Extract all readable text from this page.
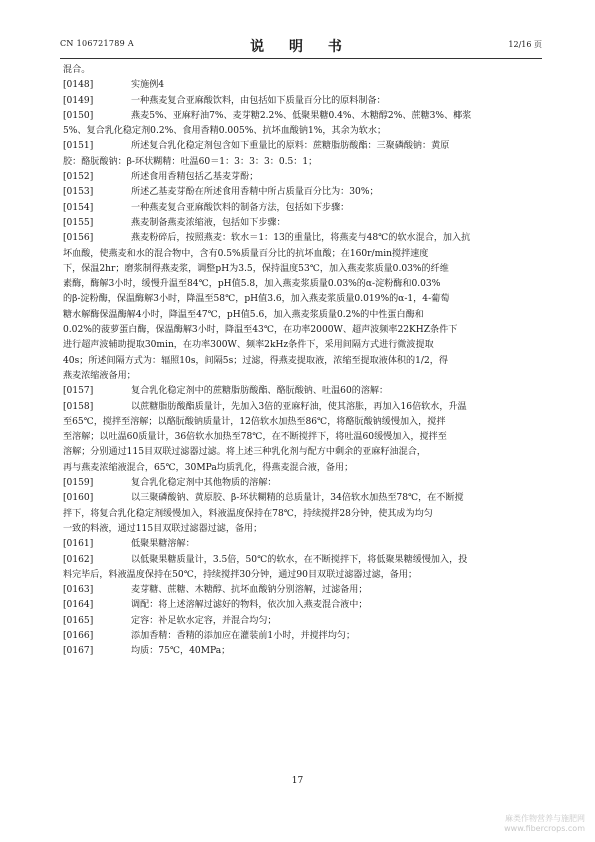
CN 106721789 A	说 明 书	12/16 页
混合。
[0148]	实施例4
[0149]	一种燕麦复合亚麻酸饮料，由包括如下质量百分比的原料制备：
[0150]	燕麦5%、亚麻籽油7%、麦芽糖2.2%、低聚果糖0.4%、木糖醇2%、蔗糖3%、椰浆
5%、复合乳化稳定剂0.2%、食用香精0.005%、抗坏血酸钠1%，其余为软水；
[0151]	所述复合乳化稳定剂包含如下重量比的原料：蔗糖脂肪酸酯：三聚磷酸钠：黄原
胶：酪朊酸钠：β-环状糊精：吐温60＝1：3：3：3：0.5：1；
[0152]	所述食用香精包括乙基麦芽酚；
[0153]	所述乙基麦芽酚在所述食用香精中所占质量百分比为：30%；
[0154]	一种燕麦复合亚麻酸饮料的制备方法，包括如下步骤：
[0155]	燕麦制备燕麦浓缩液，包括如下步骤：
[0156]	燕麦粉碎后，按照燕麦：软水＝1：13的重量比，将燕麦与48℃的软水混合，加入抗
坏血酸，使燕麦和水的混合物中，含有0.5%质量百分比的抗坏血酸；在160r/min搅拌速度
下，保温2hr；磨浆制得燕麦浆，调整pH为3.5，保持温度53℃，加入燕麦浆质量0.03%的纤维
素酶，酶解3小时，缓慢升温至84℃，pH值5.8，加入燕麦浆质量0.03%的α-淀粉酶和0.03%
的β-淀粉酶，保温酶解3小时，降温至58℃，pH值3.6，加入燕麦浆质量0.019%的α-1，4-葡萄
糖水解酶保温酶解4小时，降温至47℃，pH值5.6，加入燕麦浆质量0.2%的中性蛋白酶和
0.02%的菠萝蛋白酶，保温酶解3小时，降温至43℃，在功率2000W、超声波频率22KHZ条件下
进行超声波辅助提取30min，在功率300W、频率2kHz条件下，采用间隔方式进行微波提取
40s；所述间隔方式为：辐照10s，间隔5s；过滤，得燕麦提取液，浓缩至提取液体积的1/2，得
燕麦浓缩液备用；
[0157]	复合乳化稳定剂中的蔗糖脂肪酸酯、酪朊酸钠、吐温60的溶解：
[0158]	以蔗糖脂肪酸酯质量计，先加入3倍的亚麻籽油，使其溶胀，再加入16倍软水，升温
至65℃，搅拌至溶解；以酪朊酸钠质量计，12倍软水加热至86℃，将酪朊酸钠缓慢加入，搅拌
至溶解；以吐温60质量计，36倍软水加热至78℃，在不断搅拌下，将吐温60缓慢加入，搅拌至
溶解；分别通过115目双联过滤器过滤。将上述三种乳化剂与配方中剩余的亚麻籽油混合，
再与燕麦浓缩液混合，65℃，30MPa均质乳化，得燕麦混合液，备用；
[0159]	复合乳化稳定剂中其他物质的溶解：
[0160]	以三聚磷酸钠、黄原胶、β-环状糊精的总质量计，34倍软水加热至78℃，在不断搅
拌下，将复合乳化稳定剂缓慢加入，料液温度保持在78℃，持续搅拌28分钟，使其成为均匀
一致的料液，通过115目双联过滤器过滤，备用；
[0161]	低聚果糖溶解：
[0162]	以低聚果糖质量计，3.5倍，50℃的软水，在不断搅拌下，将低聚果糖缓慢加入，投
料完毕后，料液温度保持在50℃，持续搅拌30分钟，通过90目双联过滤器过滤，备用；
[0163]	麦芽糖、蔗糖、木糖醇、抗坏血酸钠分别溶解，过滤备用；
[0164]	调配：将上述溶解过滤好的物料，依次加入燕麦混合液中；
[0165]	定容：补足软水定容，并混合均匀；
[0166]	添加香精：香精的添加应在灌装前1小时，并搅拌均匀；
[0167]	均质：75℃，40MPa；
17
麻类作物营养与施肥网
www.fibercrops.com
